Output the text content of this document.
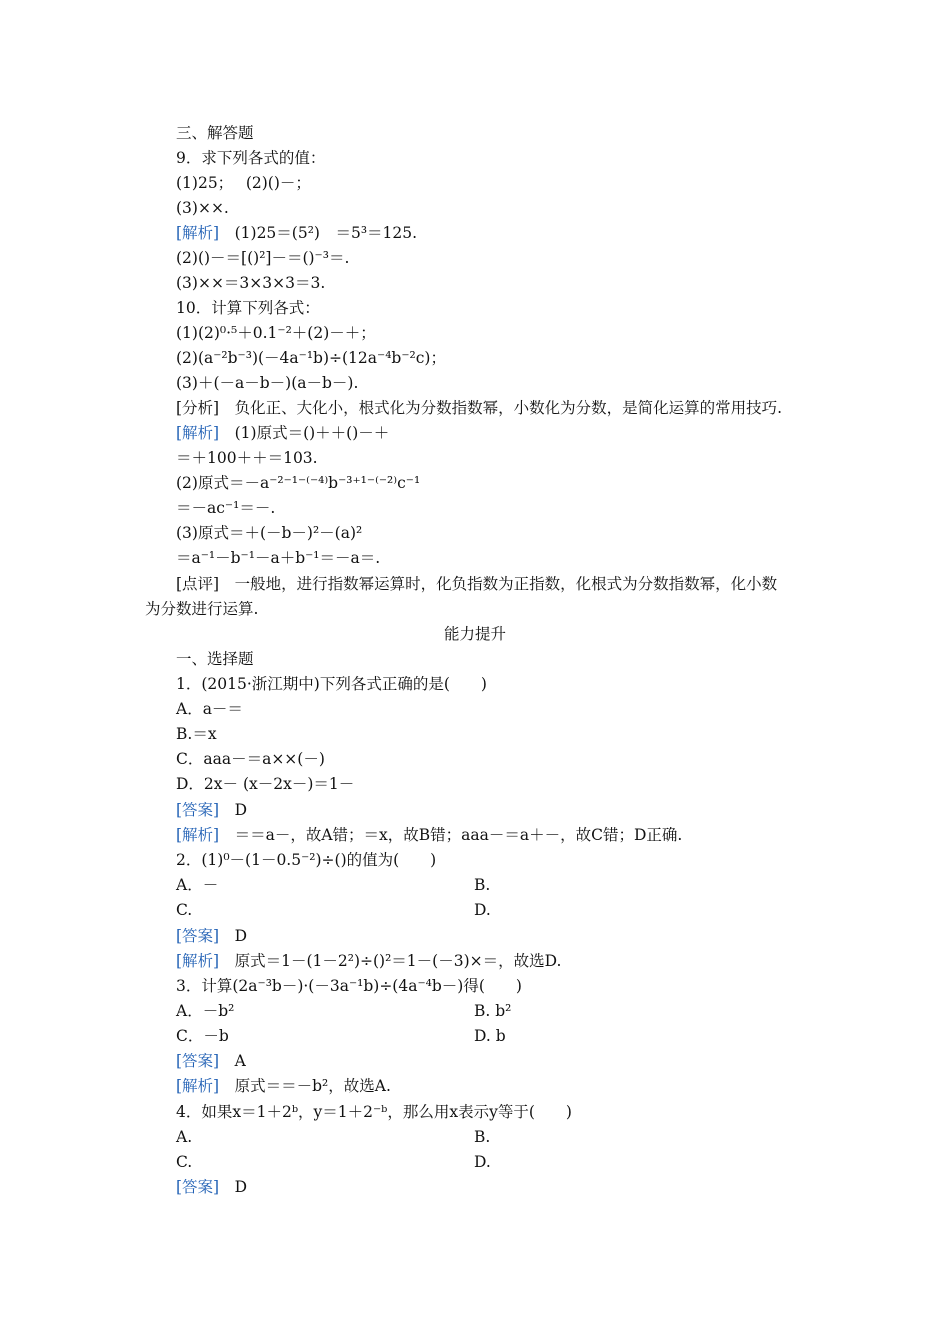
三、解答题
9．求下列各式的值：
(1)25；　 (2)()－；
(3)××.
[解析]　(1)25＝(5²)　＝5³＝125.
(2)()－＝[()²]－＝()⁻³＝.
(3)××＝3×3×3＝3.
10．计算下列各式：
(1)(2)⁰·⁵＋0.1⁻²＋(2)－＋；
(2)(a⁻²b⁻³)(－4a⁻¹b)÷(12a⁻⁴b⁻²c)；
(3)＋(－a－b－)(a－b－).
[分析]　负化正、大化小，根式化为分数指数幂，小数化为分数，是简化运算的常用技巧.
[解析]　(1)原式＝()＋＋()－＋
＝＋100＋＋＝103.
(2)原式＝－a⁻²⁻¹⁻⁽⁻⁴⁾b⁻³⁺¹⁻⁽⁻²⁾c⁻¹
＝－ac⁻¹＝－.
(3)原式＝＋(－b－)²－(a)²
＝a⁻¹－b⁻¹－a＋b⁻¹＝－a＝.
[点评]　一般地，进行指数幂运算时，化负指数为正指数，化根式为分数指数幂，化小数
为分数进行运算.
能力提升
一、选择题
1．(2015·浙江期中)下列各式正确的是(　　)
A．a－＝
B.＝x
C．aaa－＝a××(－)
D．2x－ (x－2x－)＝1－
[答案]　D
[解析]　＝＝a－，故A错；＝x，故B错；aaa－＝a＋－，故C错；D正确.
2．(1)⁰－(1－0.5⁻²)÷()的值为(　　)
A．－	B.
C.	D.
[答案]　D
[解析]　原式＝1－(1－2²)÷()²＝1－(－3)×＝，故选D.
3．计算(2a⁻³b－)·(－3a⁻¹b)÷(4a⁻⁴b－)得(　　)
A．－b²	B. b²
C．－b	D. b
[答案]　A
[解析]　原式＝＝－b²，故选A.
4．如果x＝1＋2ᵇ，y＝1＋2⁻ᵇ，那么用x表示y等于(　　)
A.	B.
C.	D.
[答案]　D
